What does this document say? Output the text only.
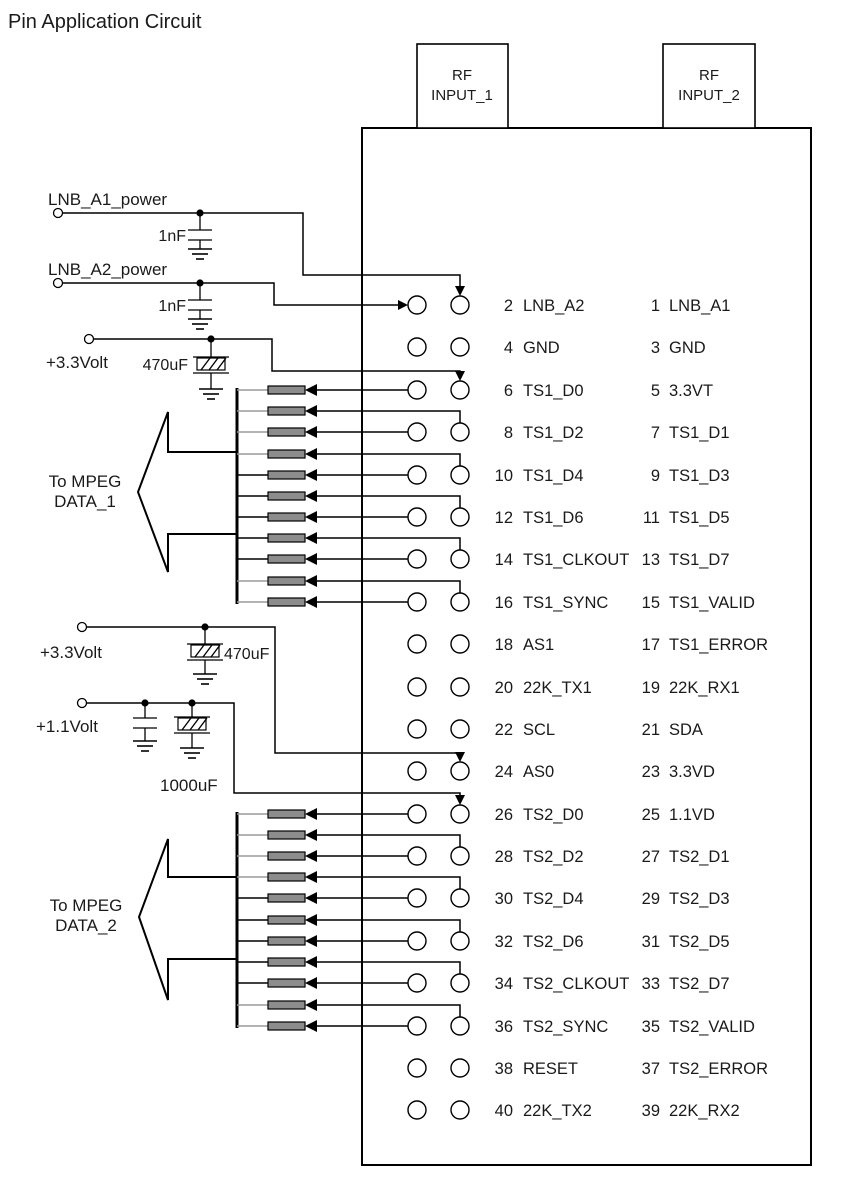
Pin Application Circuit
RF
INPUT_1
RF
INPUT_2
LNB_A1_power
1nF
LNB_A2_power
1nF
+3.3Volt 470uF
+3.3Volt	470uF
+1.1Volt
1000uF
To MPEG
DATA_1
To MPEG
DATA_2
2 LNB_A2	1 LNB_A1
4 GND	3 GND
6 TS1_D0	5 3.3VT
8 TS1_D2	7 TS1_D1
10 TS1_D4	9 TS1_D3
12 TS1_D6	11 TS1_D5
14 TS1_CLKOUT 13 TS1_D7
16 TS1_SYNC 15 TS1_VALID
18 AS1	17 TS1_ERROR
20 22K_TX1	19 22K_RX1
22 SCL	21 SDA
24 AS0	23 3.3VD
26 TS2_D0	25 1.1VD
28 TS2_D2	27 TS2_D1
30 TS2_D4	29 TS2_D3
32 TS2_D6	31 TS2_D5
34 TS2_CLKOUT 33 TS2_D7
36 TS2_SYNC 35 TS2_VALID
38 RESET	37 TS2_ERROR
40 22K_TX2	39 22K_RX2
